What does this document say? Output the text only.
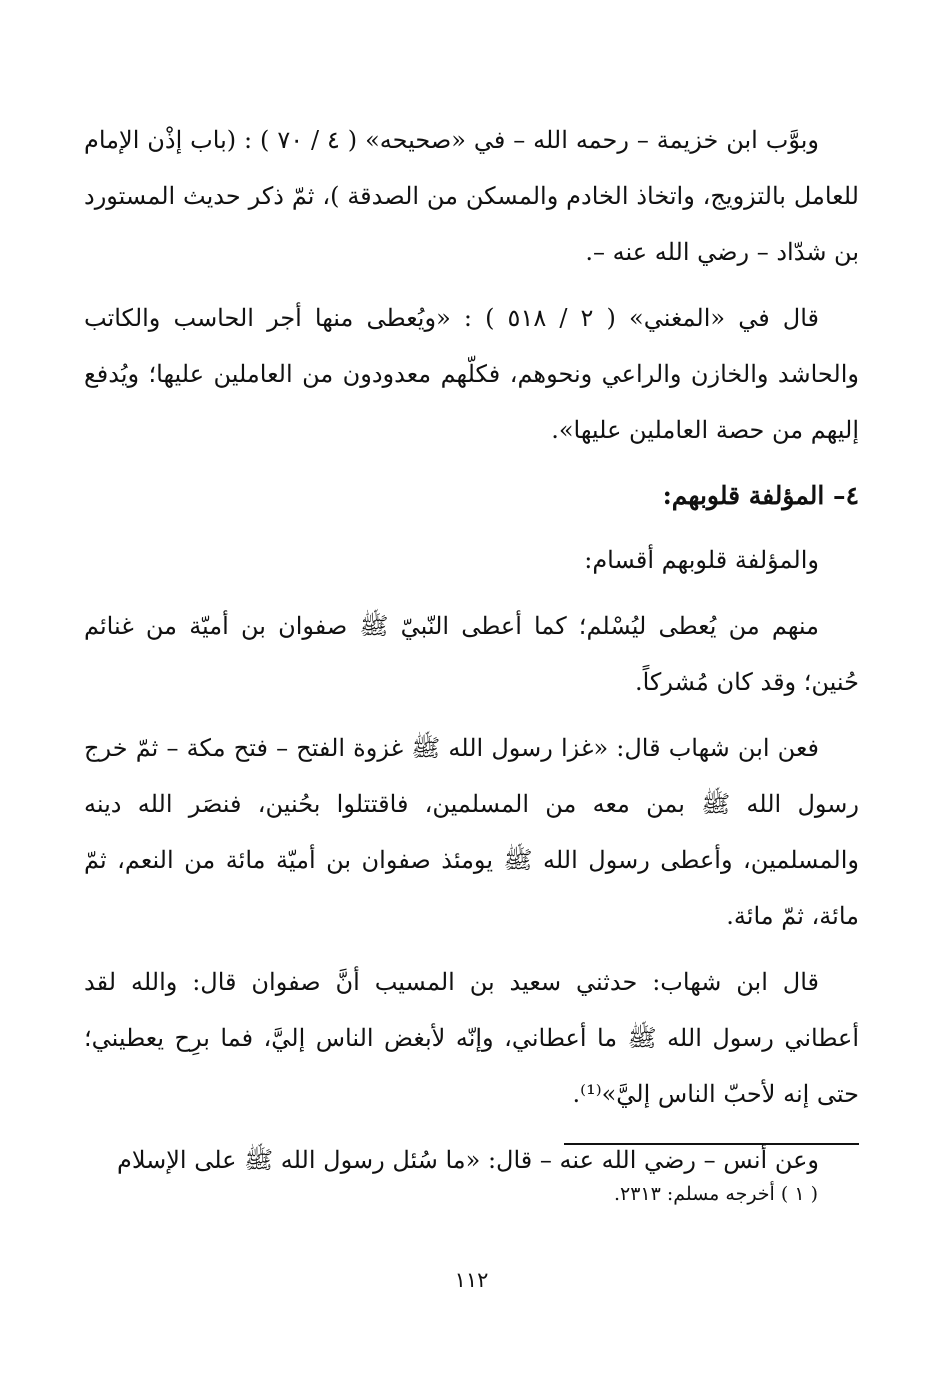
وبوَّب ابن خزيمة – رحمه الله – في «صحيحه» ( ٤ / ٧٠ ) : (باب إذْن الإمام للعامل بالتزويج، واتخاذ الخادم والمسكن من الصدقة )، ثمّ ذكر حديث المستورد بن شدّاد – رضي الله عنه –.

قال في «المغني» ( ٢ / ٥١٨ ) : «ويُعطى منها أجر الحاسب والكاتب والحاشد والخازن والراعي ونحوهم، فكلّهم معدودون من العاملين عليها؛ ويُدفع إليهم من حصة العاملين عليها».

٤– المؤلفة قلوبهم:

والمؤلفة قلوبهم أقسام:

منهم من يُعطى ليُسْلم؛ كما أعطى النّبيّ ﷺ صفوان بن أميّة من غنائم حُنين؛ وقد كان مُشركاً.

فعن ابن شهاب قال: «غزا رسول الله ﷺ غزوة الفتح – فتح مكة – ثمّ خرج رسول الله ﷺ بمن معه من المسلمين، فاقتتلوا بحُنين، فنصَر الله دينه والمسلمين، وأعطى رسول الله ﷺ يومئذ صفوان بن أميّة مائة من النعم، ثمّ مائة، ثمّ مائة.

قال ابن شهاب: حدثني سعيد بن المسيب أنَّ صفوان قال: والله لقد أعطاني رسول الله ﷺ ما أعطاني، وإنّه لأبغض الناس إليَّ، فما برِح يعطيني؛ حتى إنه لأحبّ الناس إليَّ»⁽¹⁾.

وعن أنس – رضي الله عنه – قال: «ما سُئل رسول الله ﷺ على الإسلام

( ١ ) أخرجه مسلم: ٢٣١٣.
١١٢
